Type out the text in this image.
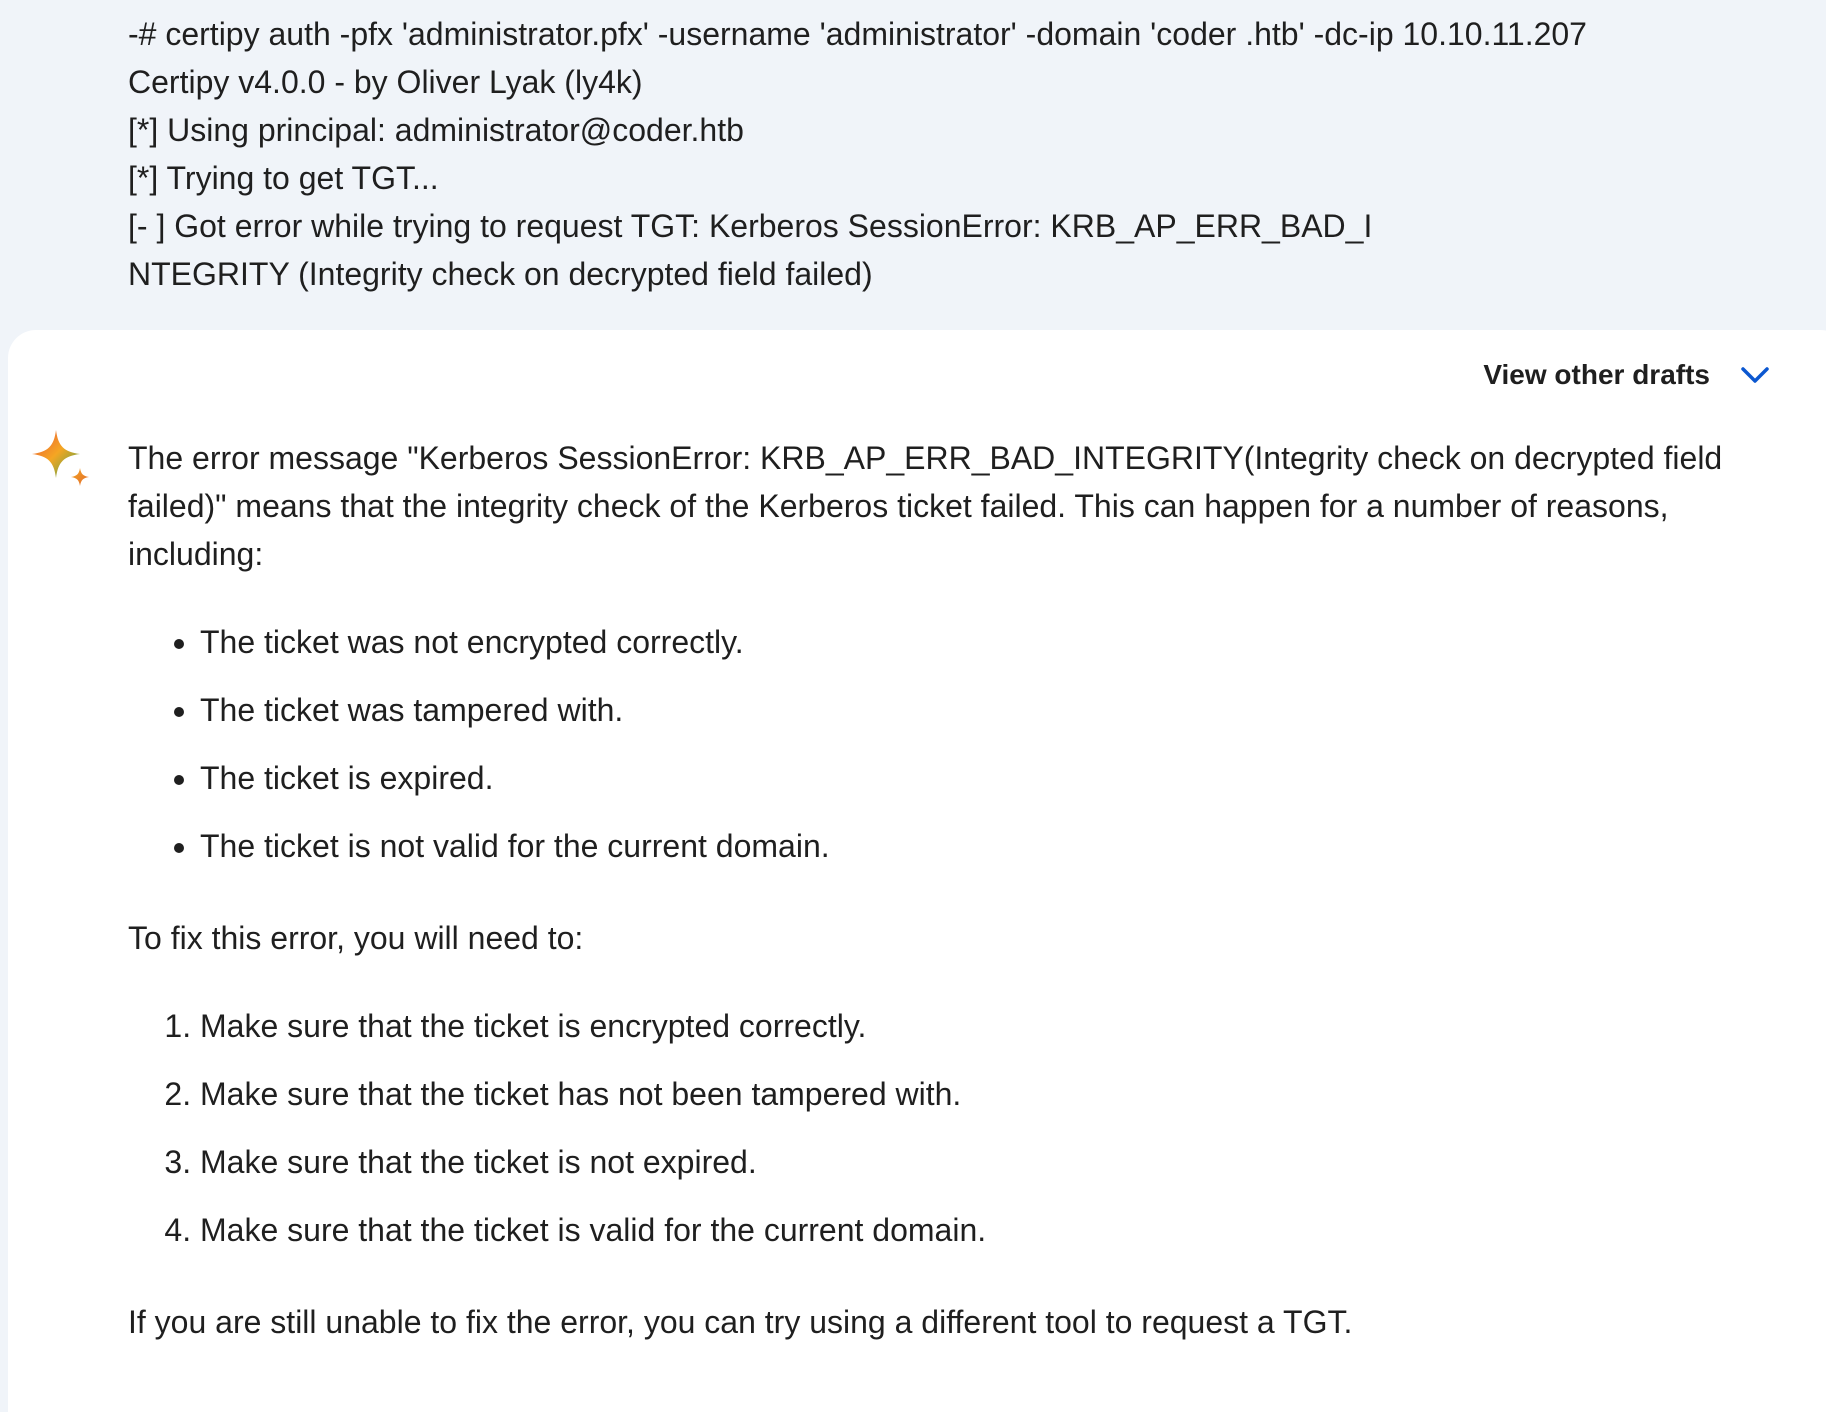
-# certipy auth -pfx 'administrator.pfx' -username 'administrator' -domain 'coder .htb' -dc-ip 10.10.11.207
Certipy v4.0.0 - by Oliver Lyak (ly4k)
[*] Using principal: administrator@coder.htb
[*] Trying to get TGT...
[- ] Got error while trying to request TGT: Kerberos SessionError: KRB_AP_ERR_BAD_I
NTEGRITY (Integrity check on decrypted field failed)
View other drafts

The error message "Kerberos SessionError: KRB_AP_ERR_BAD_INTEGRITY(Integrity check on decrypted field failed)" means that the integrity check of the Kerberos ticket failed. This can happen for a number of reasons, including:

• The ticket was not encrypted correctly.
• The ticket was tampered with.
• The ticket is expired.
• The ticket is not valid for the current domain.

To fix this error, you will need to:

1. Make sure that the ticket is encrypted correctly.
2. Make sure that the ticket has not been tampered with.
3. Make sure that the ticket is not expired.
4. Make sure that the ticket is valid for the current domain.

If you are still unable to fix the error, you can try using a different tool to request a TGT.
